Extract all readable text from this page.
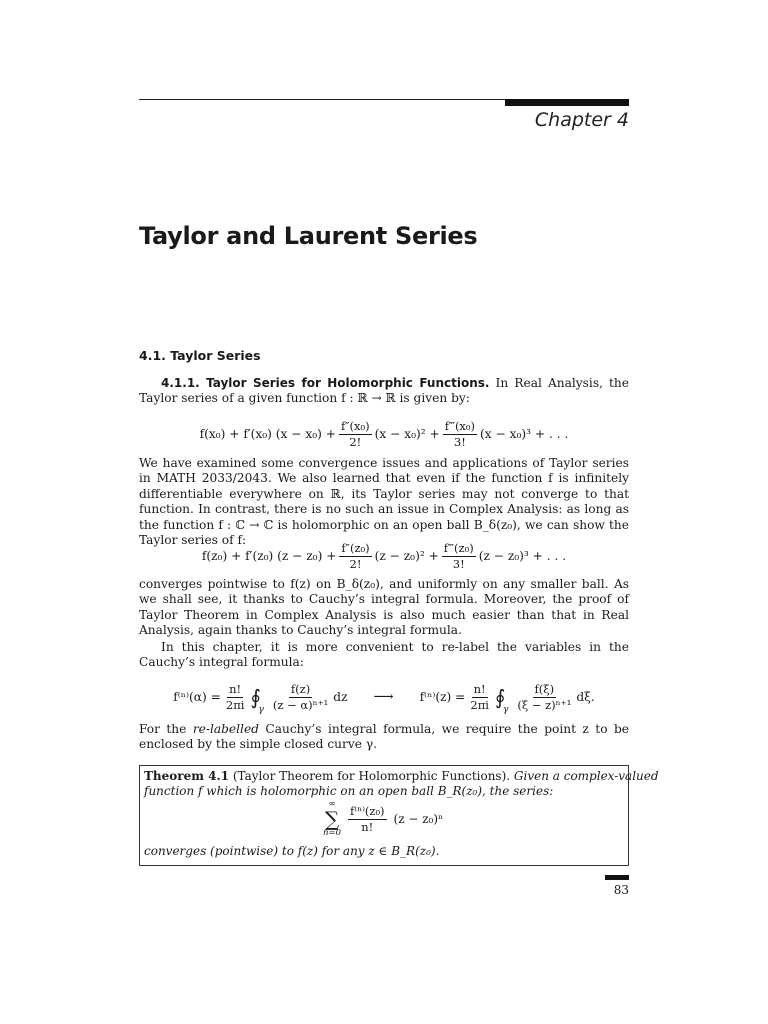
Chapter 4
Taylor and Laurent Series
4.1. Taylor Series
4.1.1. Taylor Series for Holomorphic Functions. In Real Analysis, the Taylor series of a given function f : ℝ → ℝ is given by:
f(x₀) + f′(x₀) $(x - x_0) + \frac{\text{f″(x₀)}}{2!} (x - x_0)^2 + \frac{\text{f‴(x₀)}}{3!} (x - x_0)^3$ + . . .
We have examined some convergence issues and applications of Taylor series in MATH 2033/2043. We also learned that even if the function f is infinitely differentiable everywhere on ℝ, its Taylor series may not converge to that function. In contrast, there is no such an issue in Complex Analysis: as long as the function f : ℂ → ℂ is holomorphic on an open ball B_δ(z₀), we can show the Taylor series of f:
f(z₀) + f′(z₀) $(z - z_0) + \frac{\text{f″(z₀)}}{2!} (z - z_0)^2 + \frac{\text{f‴(z₀)}}{3!} (z - z_0)^3$ + . . .
converges pointwise to f(z) on B_δ(z₀), and uniformly on any smaller ball. As we shall see, it thanks to Cauchy’s integral formula. Moreover, the proof of Taylor Theorem in Complex Analysis is also much easier than that in Real Analysis, again thanks to Cauchy’s integral formula.
In this chapter, it is more convenient to re-label the variables in the Cauchy’s integral formula:
$f^{(n)}(\alpha) = \frac{n!}{2\pi i}$ ∮
γ $\frac{f(z)}{\text{(z − α)ⁿ⁺¹}}$ dz ⟶ $f^{(n)}(z) = \frac{n!}{2\pi i}$ ∮
γ $\frac{f(\xi)}{\text{(ξ − z)ⁿ⁺¹}} d\xi$.
For the re-labelled Cauchy’s integral formula, we require the point z to be enclosed by the simple closed curve γ.
Theorem 4.1 (Taylor Theorem for Holomorphic Functions). Given a complex-valued
function f which is holomorphic on an open ball B_R(z₀), the series:
∞
∑
$n=0 \frac{\text{f⁽ⁿ⁾(z₀)}}{n!} (z - z_0)^n$
converges (pointwise) to f(z) for any z ∈ B_R(z₀).
83
